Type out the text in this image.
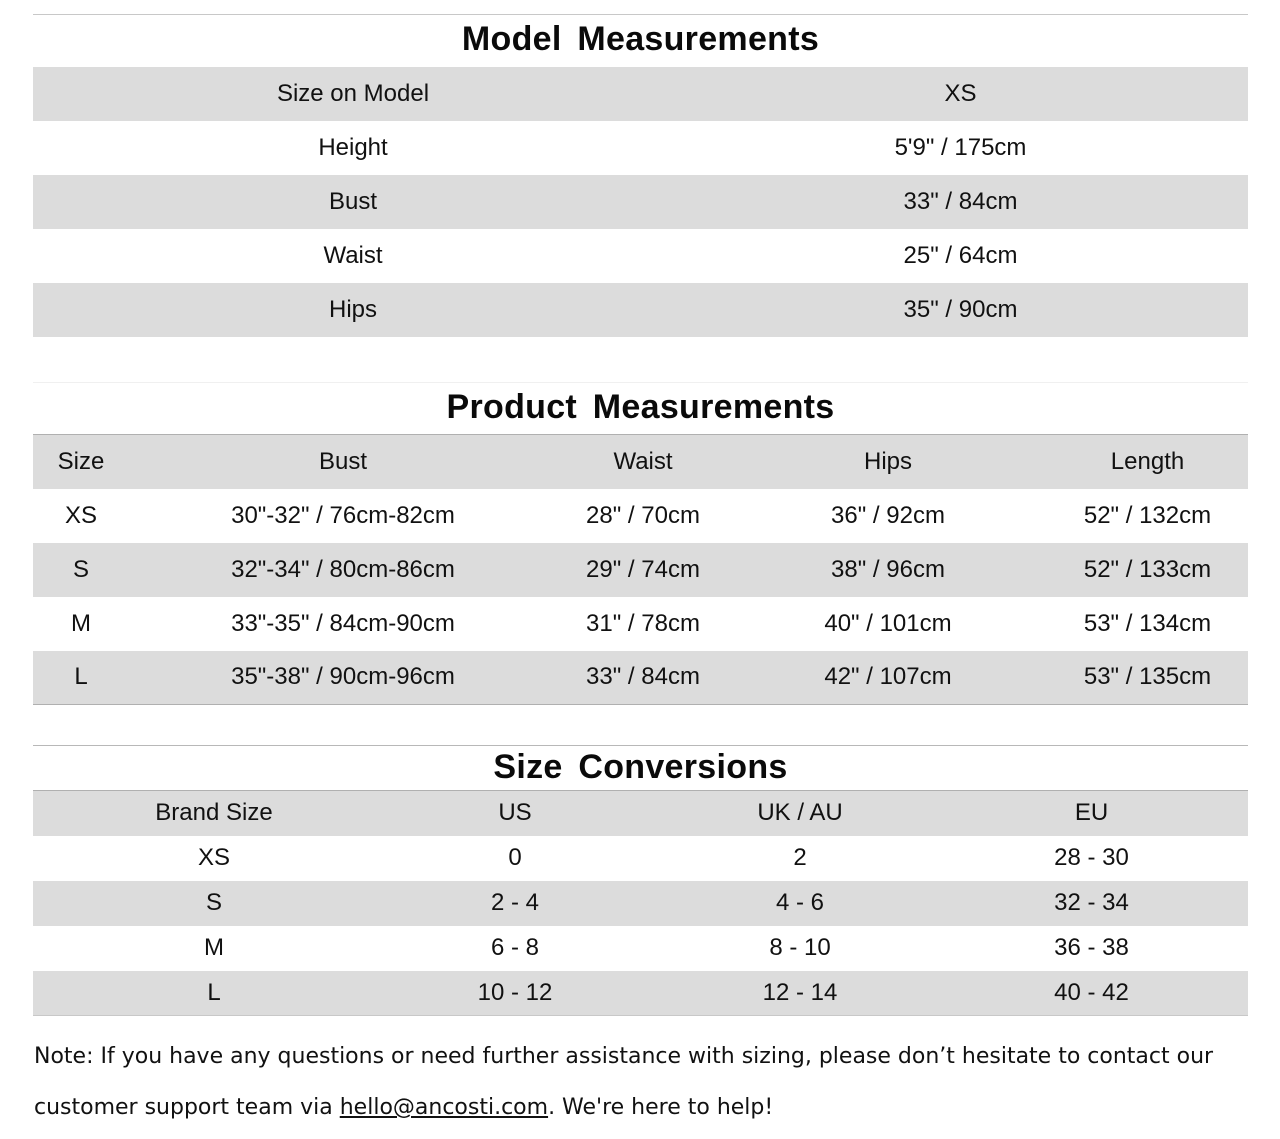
Model Measurements
Size on Model	XS
Height	5'9" / 175cm
Bust	33" / 84cm
Waist	25" / 64cm
Hips	35" / 90cm
Product Measurements
Size	Bust	Waist	Hips	Length
XS	30"-32" / 76cm-82cm	28" / 70cm	36" / 92cm	52" / 132cm
S	32"-34" / 80cm-86cm	29" / 74cm	38" / 96cm	52" / 133cm
M	33"-35" / 84cm-90cm	31" / 78cm	40" / 101cm	53" / 134cm
L	35"-38" / 90cm-96cm	33" / 84cm	42" / 107cm	53" / 135cm
Size Conversions
Brand Size	US	UK / AU	EU	
XS	0	2	28 - 30	
S	2 - 4	4 - 6	32 - 34	
M	6 - 8	8 - 10	36 - 38	
L	10 - 12	12 - 14	40 - 42	
Note: If you have any questions or need further assistance with sizing, please don’t hesitate to contact our customer support team via hello@ancosti.com. We're here to help!
